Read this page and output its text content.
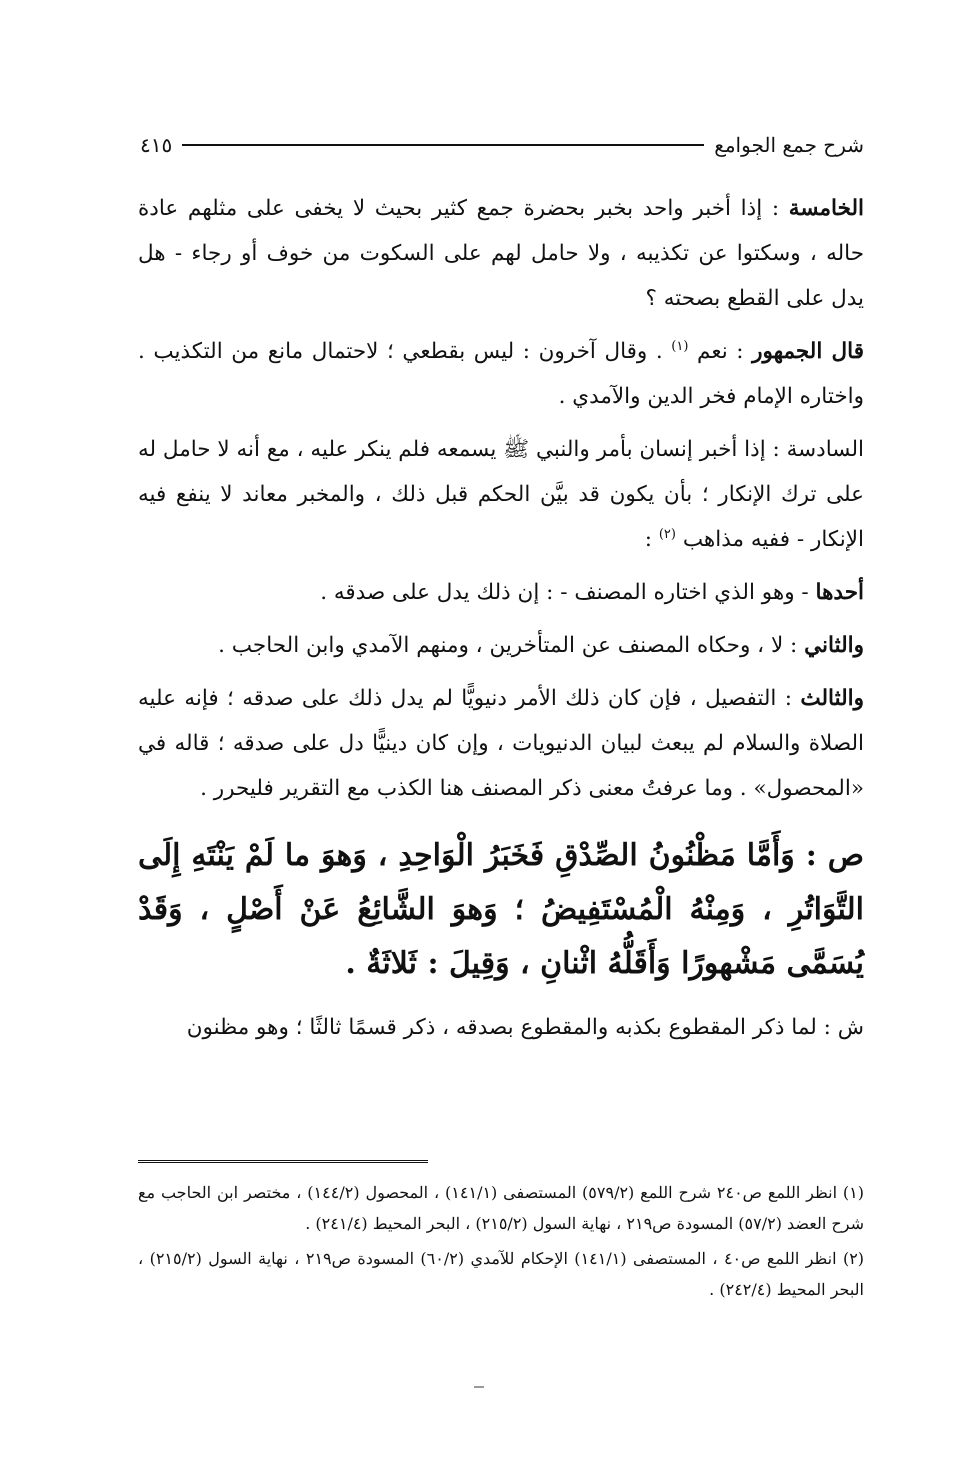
شرح جمع الجوامع
٤١٥

الخامسة : إذا أخبر واحد بخبر بحضرة جمع كثير بحيث لا يخفى على مثلهم عادة حاله ، وسكتوا عن تكذيبه ، ولا حامل لهم على السكوت من خوف أو رجاء - هل يدل على القطع بصحته ؟

قال الجمهور : نعم $^{(١)}$ . وقال آخرون : ليس بقطعي ؛ لاحتمال مانع من التكذيب . واختاره الإمام فخر الدين والآمدي .

السادسة : إذا أخبر إنسان بأمر والنبي ﷺ يسمعه فلم ينكر عليه ، مع أنه لا حامل له على ترك الإنكار ؛ بأن يكون قد بيَّن الحكم قبل ذلك ، والمخبر معاند لا ينفع فيه الإنكار - ففيه مذاهب $^{(٢)}$ :

أحدها - وهو الذي اختاره المصنف - : إن ذلك يدل على صدقه .

والثاني : لا ، وحكاه المصنف عن المتأخرين ، ومنهم الآمدي وابن الحاجب .

والثالث : التفصيل ، فإن كان ذلك الأمر دنيويًّا لم يدل ذلك على صدقه ؛ فإنه عليه الصلاة والسلام لم يبعث لبيان الدنيويات ، وإن كان دينيًّا دل على صدقه ؛ قاله في «المحصول» . وما عرفتُ معنى ذكر المصنف هنا الكذب مع التقرير فليحرر .

ص : وَأَمَّا مَظْنُونُ الصِّدْقِ فَخَبَرُ الْوَاحِدِ ، وَهوَ ما لَمْ يَنْتَهِ إِلَى التَّوَاتُرِ ، وَمِنْهُ الْمُسْتَفِيضُ ؛ وَهوَ الشَّائِعُ عَنْ أَصْلٍ ، وَقَدْ يُسَمَّى مَشْهورًا وَأَقَلُّهُ اثْنانِ ، وَقِيلَ : ثَلاثَةٌ .

ش : لما ذكر المقطوع بكذبه والمقطوع بصدقه ، ذكر قسمًا ثالثًا ؛ وهو مظنون

(١) انظر اللمع ص٢٤٠ شرح اللمع (٥٧٩/٢) المستصفى (١٤١/١) ، المحصول (١٤٤/٢) ، مختصر ابن الحاجب مع شرح العضد (٥٧/٢) المسودة ص٢١٩ ، نهاية السول (٢١٥/٢) ، البحر المحيط (٢٤١/٤) .

(٢) انظر اللمع ص٤٠ ، المستصفى (١٤١/١) الإحكام للآمدي (٦٠/٢) المسودة ص٢١٩ ، نهاية السول (٢١٥/٢) ، البحر المحيط (٢٤٢/٤) .
